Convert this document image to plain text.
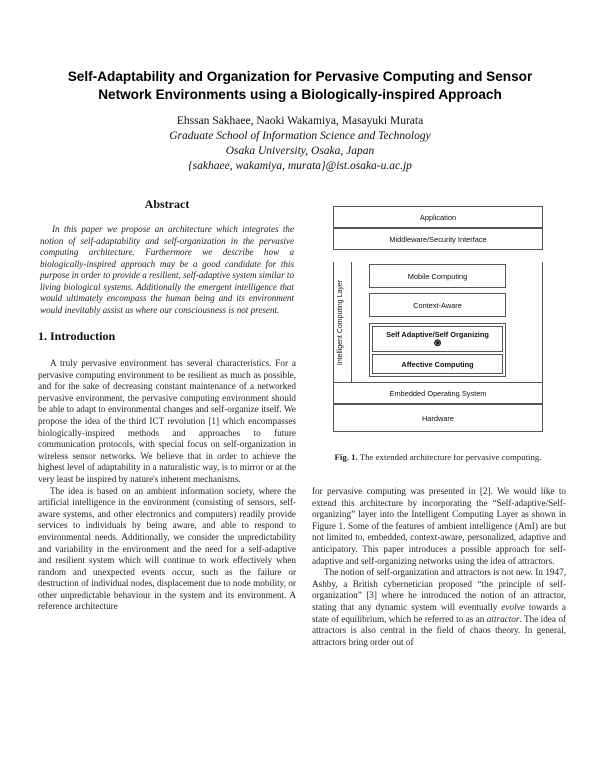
Self-Adaptability and Organization for Pervasive Computing and Sensor Network Environments using a Biologically-inspired Approach
Ehssan Sakhaee, Naoki Wakamiya, Masayuki Murata
Graduate School of Information Science and Technology
Osaka University, Osaka, Japan
{sakhaee, wakamiya, murata}@ist.osaka-u.ac.jp
Abstract

In this paper we propose an architecture which integrates the notion of self-adaptability and self-organization in the pervasive computing architecture. Furthermore we describe how a biologically-inspired approach may be a good candidate for this purpose in order to provide a resilient, self-adaptive system similar to living biological systems. Additionally the emergent intelligence that would ultimately encompass the human being and its environment would inevitably assist us where our consciousness is not present.

1. Introduction

A truly pervasive environment has several characteristics. For a pervasive computing environment to be resilient as much as possible, and for the sake of decreasing constant maintenance of a networked pervasive environment, the pervasive computing environment should be able to adapt to environmental changes and self-organize itself. We propose the idea of the third ICT revolution [1] which encompasses biologically-inspired methods and approaches to future communication protocols, with special focus on self-organization in wireless sensor networks. We believe that in order to achieve the highest level of adaptability in a naturalistic way, is to mirror or at the very least be inspired by nature's inherent mechanisms.

The idea is based on an ambient information society, where the artificial intelligence in the environment (consisting of sensors, self-aware systems, and other electronics and computers) readily provide services to individuals by being aware, and able to respond to environmental needs. Additionally, we consider the unpredictability and variability in the environment and the need for a self-adaptive and resilient system which will continue to work effectively when random and unexpected events occur, such as the failure or destruction of individual nodes, displacement due to node mobility, or other unpredictable behaviour in the system and its environment. A reference architecture

Application
Middleware/Security Interface
Intelligent Computing Layer
Mobile Computing
Context-Aware
Self Adaptive/Self Organizing
֍
Affective Computing
Embedded Operating System
Hardware
Fig. 1. The extended architecture for pervasive computing.

for pervasive computing was presented in [2]. We would like to extend this architecture by incorporating the “Self-adaptive/Self-organizing” layer into the Intelligent Computing Layer as shown in Figure 1. Some of the features of ambient intelligence (AmI) are but not limited to, embedded, context-aware, personalized, adaptive and anticipatory. This paper introduces a possible approach for self-adaptive and self-organizing networks using the idea of attractors.

The notion of self-organization and attractors is not new. In 1947, Ashby, a British cybernetician proposed “the principle of self-organization” [3] where he introduced the notion of an attractor, stating that any dynamic system will eventually evolve towards a state of equilibrium, which he referred to as an attractor. The idea of attractors is also central in the field of chaos theory. In general, attractors bring order out of
